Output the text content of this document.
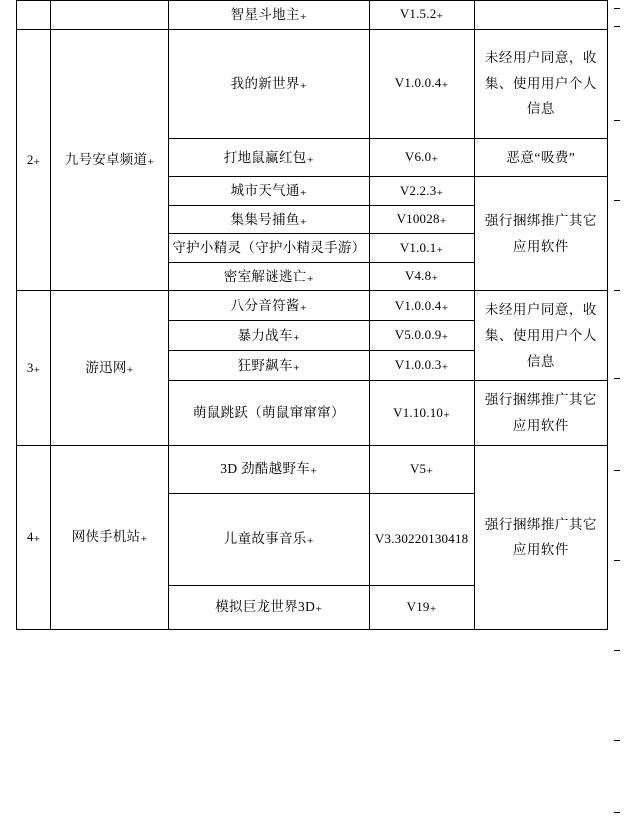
		智星斗地主₊	V1.5.2₊	

2₊	九号安卓频道₊	我的新世界₊	V1.0.0.4₊	未经用户同意，收集、使用用户个人信息

		打地鼠赢红包₊	V6.0₊	恶意“吸费”

		城市天气通₊	V2.2.3₊	强行捆绑推广其它应用软件

		集集号捕鱼₊	V10028₊	

		守护小精灵（守护小精灵手游）	V1.0.1₊	

		密室解谜逃亡₊	V4.8₊	

3₊	游迅网₊	八分音符酱₊	V1.0.0.4₊	未经用户同意，收集、使用用户个人信息

		暴力战车₊	V5.0.0.9₊	

		狂野飙车₊	V1.0.0.3₊	

		萌鼠跳跃（萌鼠窜窜窜）	V1.10.10₊	强行捆绑推广其它应用软件

4₊	网侠手机站₊	3D 劲酷越野车₊	V5₊	强行捆绑推广其它应用软件

		儿童故事音乐₊	V3.30220130418	

		模拟巨龙世界3D₊	V19₊	
